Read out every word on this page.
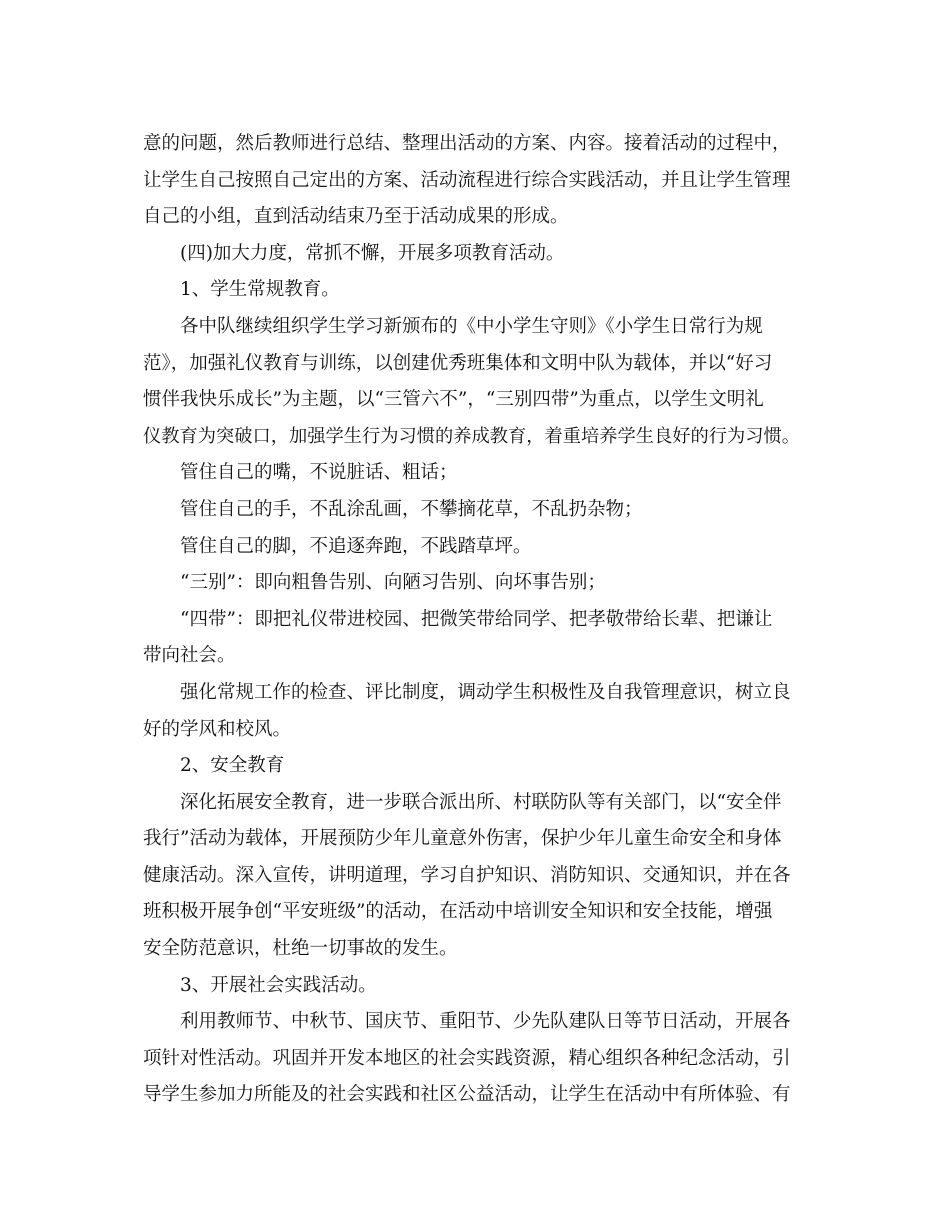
意的问题，然后教师进行总结、整理出活动的方案、内容。接着活动的过程中，
让学生自己按照自己定出的方案、活动流程进行综合实践活动，并且让学生管理
自己的小组，直到活动结束乃至于活动成果的形成。
(四)加大力度，常抓不懈，开展多项教育活动。
1、学生常规教育。
各中队继续组织学生学习新颁布的《中小学生守则》《小学生日常行为规
范》，加强礼仪教育与训练，以创建优秀班集体和文明中队为载体，并以“好习
惯伴我快乐成长”为主题，以“三管六不”，“三别四带”为重点，以学生文明礼
仪教育为突破口，加强学生行为习惯的养成教育，着重培养学生良好的行为习惯。
管住自己的嘴，不说脏话、粗话；
管住自己的手，不乱涂乱画，不攀摘花草，不乱扔杂物；
管住自己的脚，不追逐奔跑，不践踏草坪。
“三别”：即向粗鲁告别、向陋习告别、向坏事告别；
“四带”：即把礼仪带进校园、把微笑带给同学、把孝敬带给长辈、把谦让
带向社会。
强化常规工作的检查、评比制度，调动学生积极性及自我管理意识，树立良
好的学风和校风。
2、安全教育
深化拓展安全教育，进一步联合派出所、村联防队等有关部门，以“安全伴
我行”活动为载体，开展预防少年儿童意外伤害，保护少年儿童生命安全和身体
健康活动。深入宣传，讲明道理，学习自护知识、消防知识、交通知识，并在各
班积极开展争创“平安班级”的活动，在活动中培训安全知识和安全技能，增强
安全防范意识，杜绝一切事故的发生。
3、开展社会实践活动。
利用教师节、中秋节、国庆节、重阳节、少先队建队日等节日活动，开展各
项针对性活动。巩固并开发本地区的社会实践资源，精心组织各种纪念活动，引
导学生参加力所能及的社会实践和社区公益活动，让学生在活动中有所体验、有
